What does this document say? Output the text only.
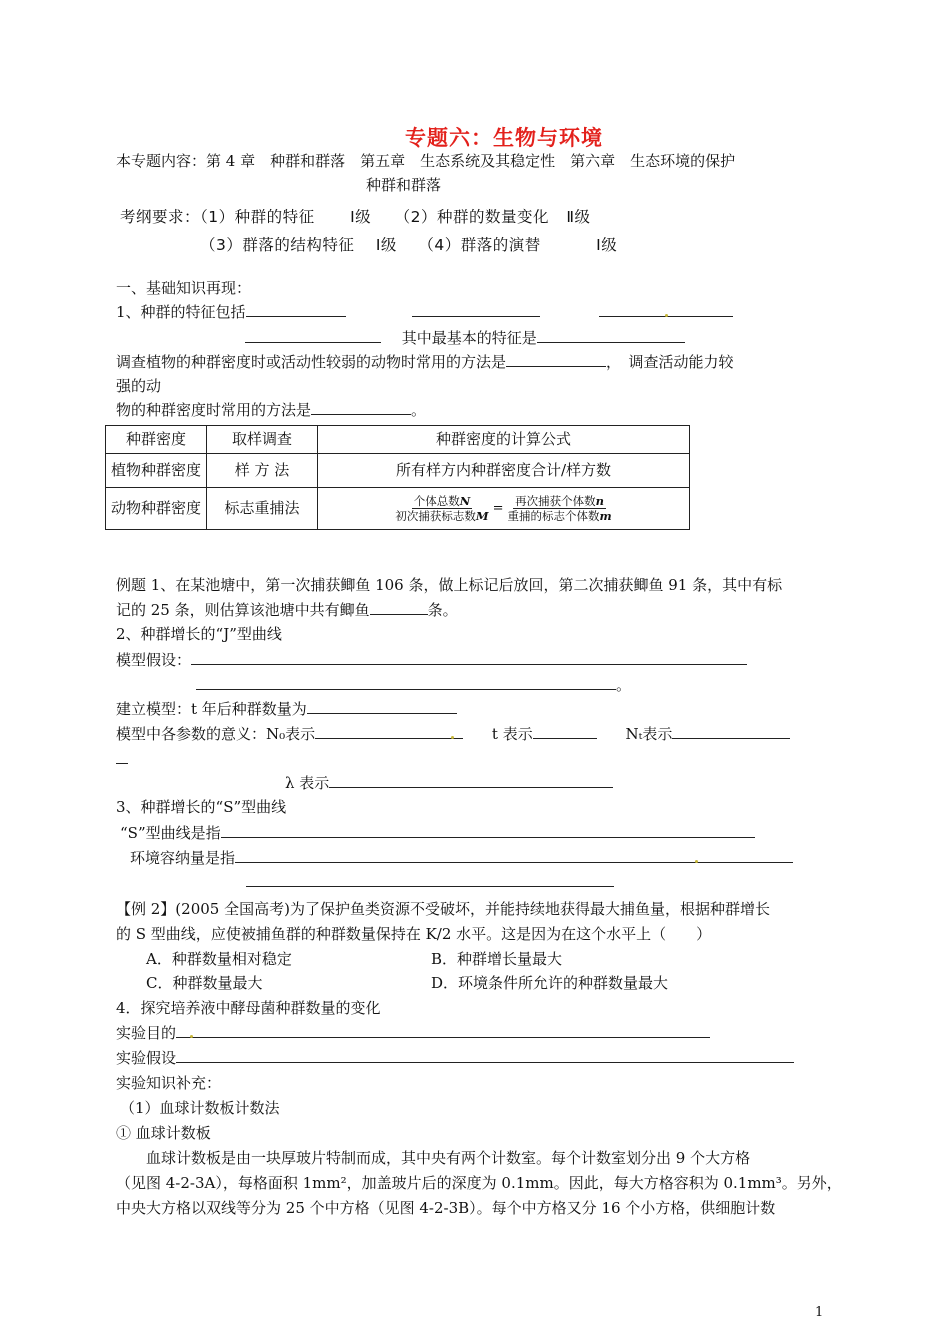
专题六：生物与环境
本专题内容：第 4 章　种群和群落　第五章　生态系统及其稳定性　第六章　生态环境的保护
种群和群落
考纲要求：（1）种群的特征 Ⅰ级 （2）种群的数量变化 Ⅱ级
（3）群落的结构特征 Ⅰ级 （4）群落的演替	Ⅰ级
一、基础知识再现：
1、种群的特征包括
其中最基本的特征是
调查植物的种群密度时或活动性较弱的动物时常用的方法是	，　调查活动能力较
强的动
物的种群密度时常用的方法是	。
种群密度	取样调查	种群密度的计算公式
植物种群密度	样 方 法	所有样方内种群密度合计/样方数
动物种群密度	标志重捕法	$\frac{\text{个体总数N}}{\text{初次捕获标志数M}} = \frac{\text{再次捕获个体数n}}{\text{重捕的标志个体数m}}$
例题 1、在某池塘中，第一次捕获鲫鱼 106 条，做上标记后放回，第二次捕获鲫鱼 91 条，其中有标
记的 25 条，则估算该池塘中共有鲫鱼	条。
2、种群增长的“J”型曲线
模型假设：
。
建立模型：t 年后种群数量为
模型中各参数的意义：N₀表示	t 表示	Nₜ表示
λ 表示
3、种群增长的“S”型曲线
“S”型曲线是指
环境容纳量是指
【例 2】(2005 全国高考)为了保护鱼类资源不受破坏，并能持续地获得最大捕鱼量，根据种群增长
的 S 型曲线，应使被捕鱼群的种群数量保持在 K/2 水平。这是因为在这个水平上（　　）
A．种群数量相对稳定	B．种群增长量最大
C．种群数量最大	D．环境条件所允许的种群数量最大
4．探究培养液中酵母菌种群数量的变化
实验目的
实验假设
实验知识补充：
（1）血球计数板计数法
① 血球计数板
血球计数板是由一块厚玻片特制而成，其中央有两个计数室。每个计数室划分出 9 个大方格
（见图 4-2-3A），每格面积 1mm²，加盖玻片后的深度为 0.1mm。因此，每大方格容积为 0.1mm³。另外，
中央大方格以双线等分为 25 个中方格（见图 4-2-3B）。每个中方格又分 16 个小方格，供细胞计数
1
